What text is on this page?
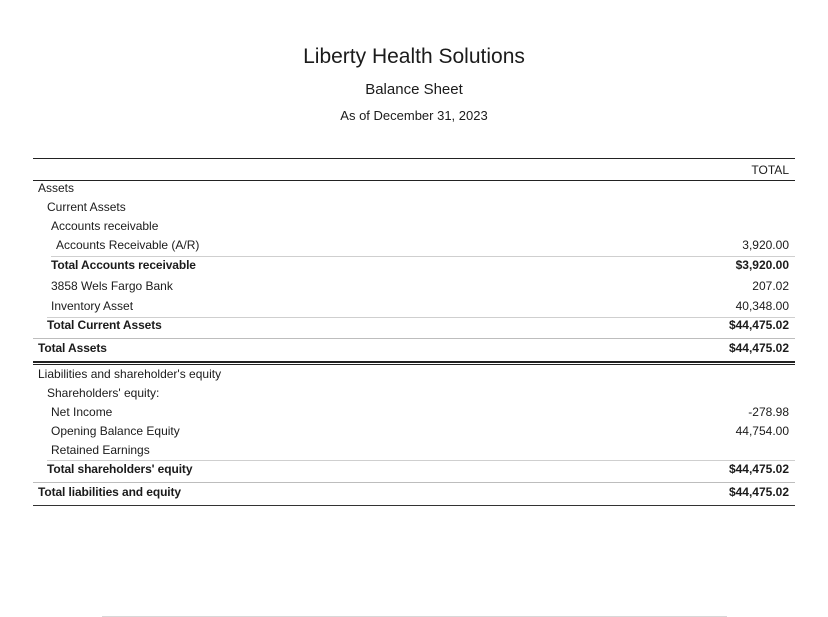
Liberty Health Solutions
Balance Sheet
As of December 31, 2023
TOTAL
Assets
Current Assets
Accounts receivable
Accounts Receivable (A/R)	3,920.00
Total Accounts receivable	$3,920.00
3858 Wels Fargo Bank	207.02
Inventory Asset	40,348.00
Total Current Assets	$44,475.02
Total Assets	$44,475.02
Liabilities and shareholder's equity
Shareholders' equity:
Net Income	-278.98
Opening Balance Equity	44,754.00
Retained Earnings
Total shareholders' equity	$44,475.02
Total liabilities and equity	$44,475.02
